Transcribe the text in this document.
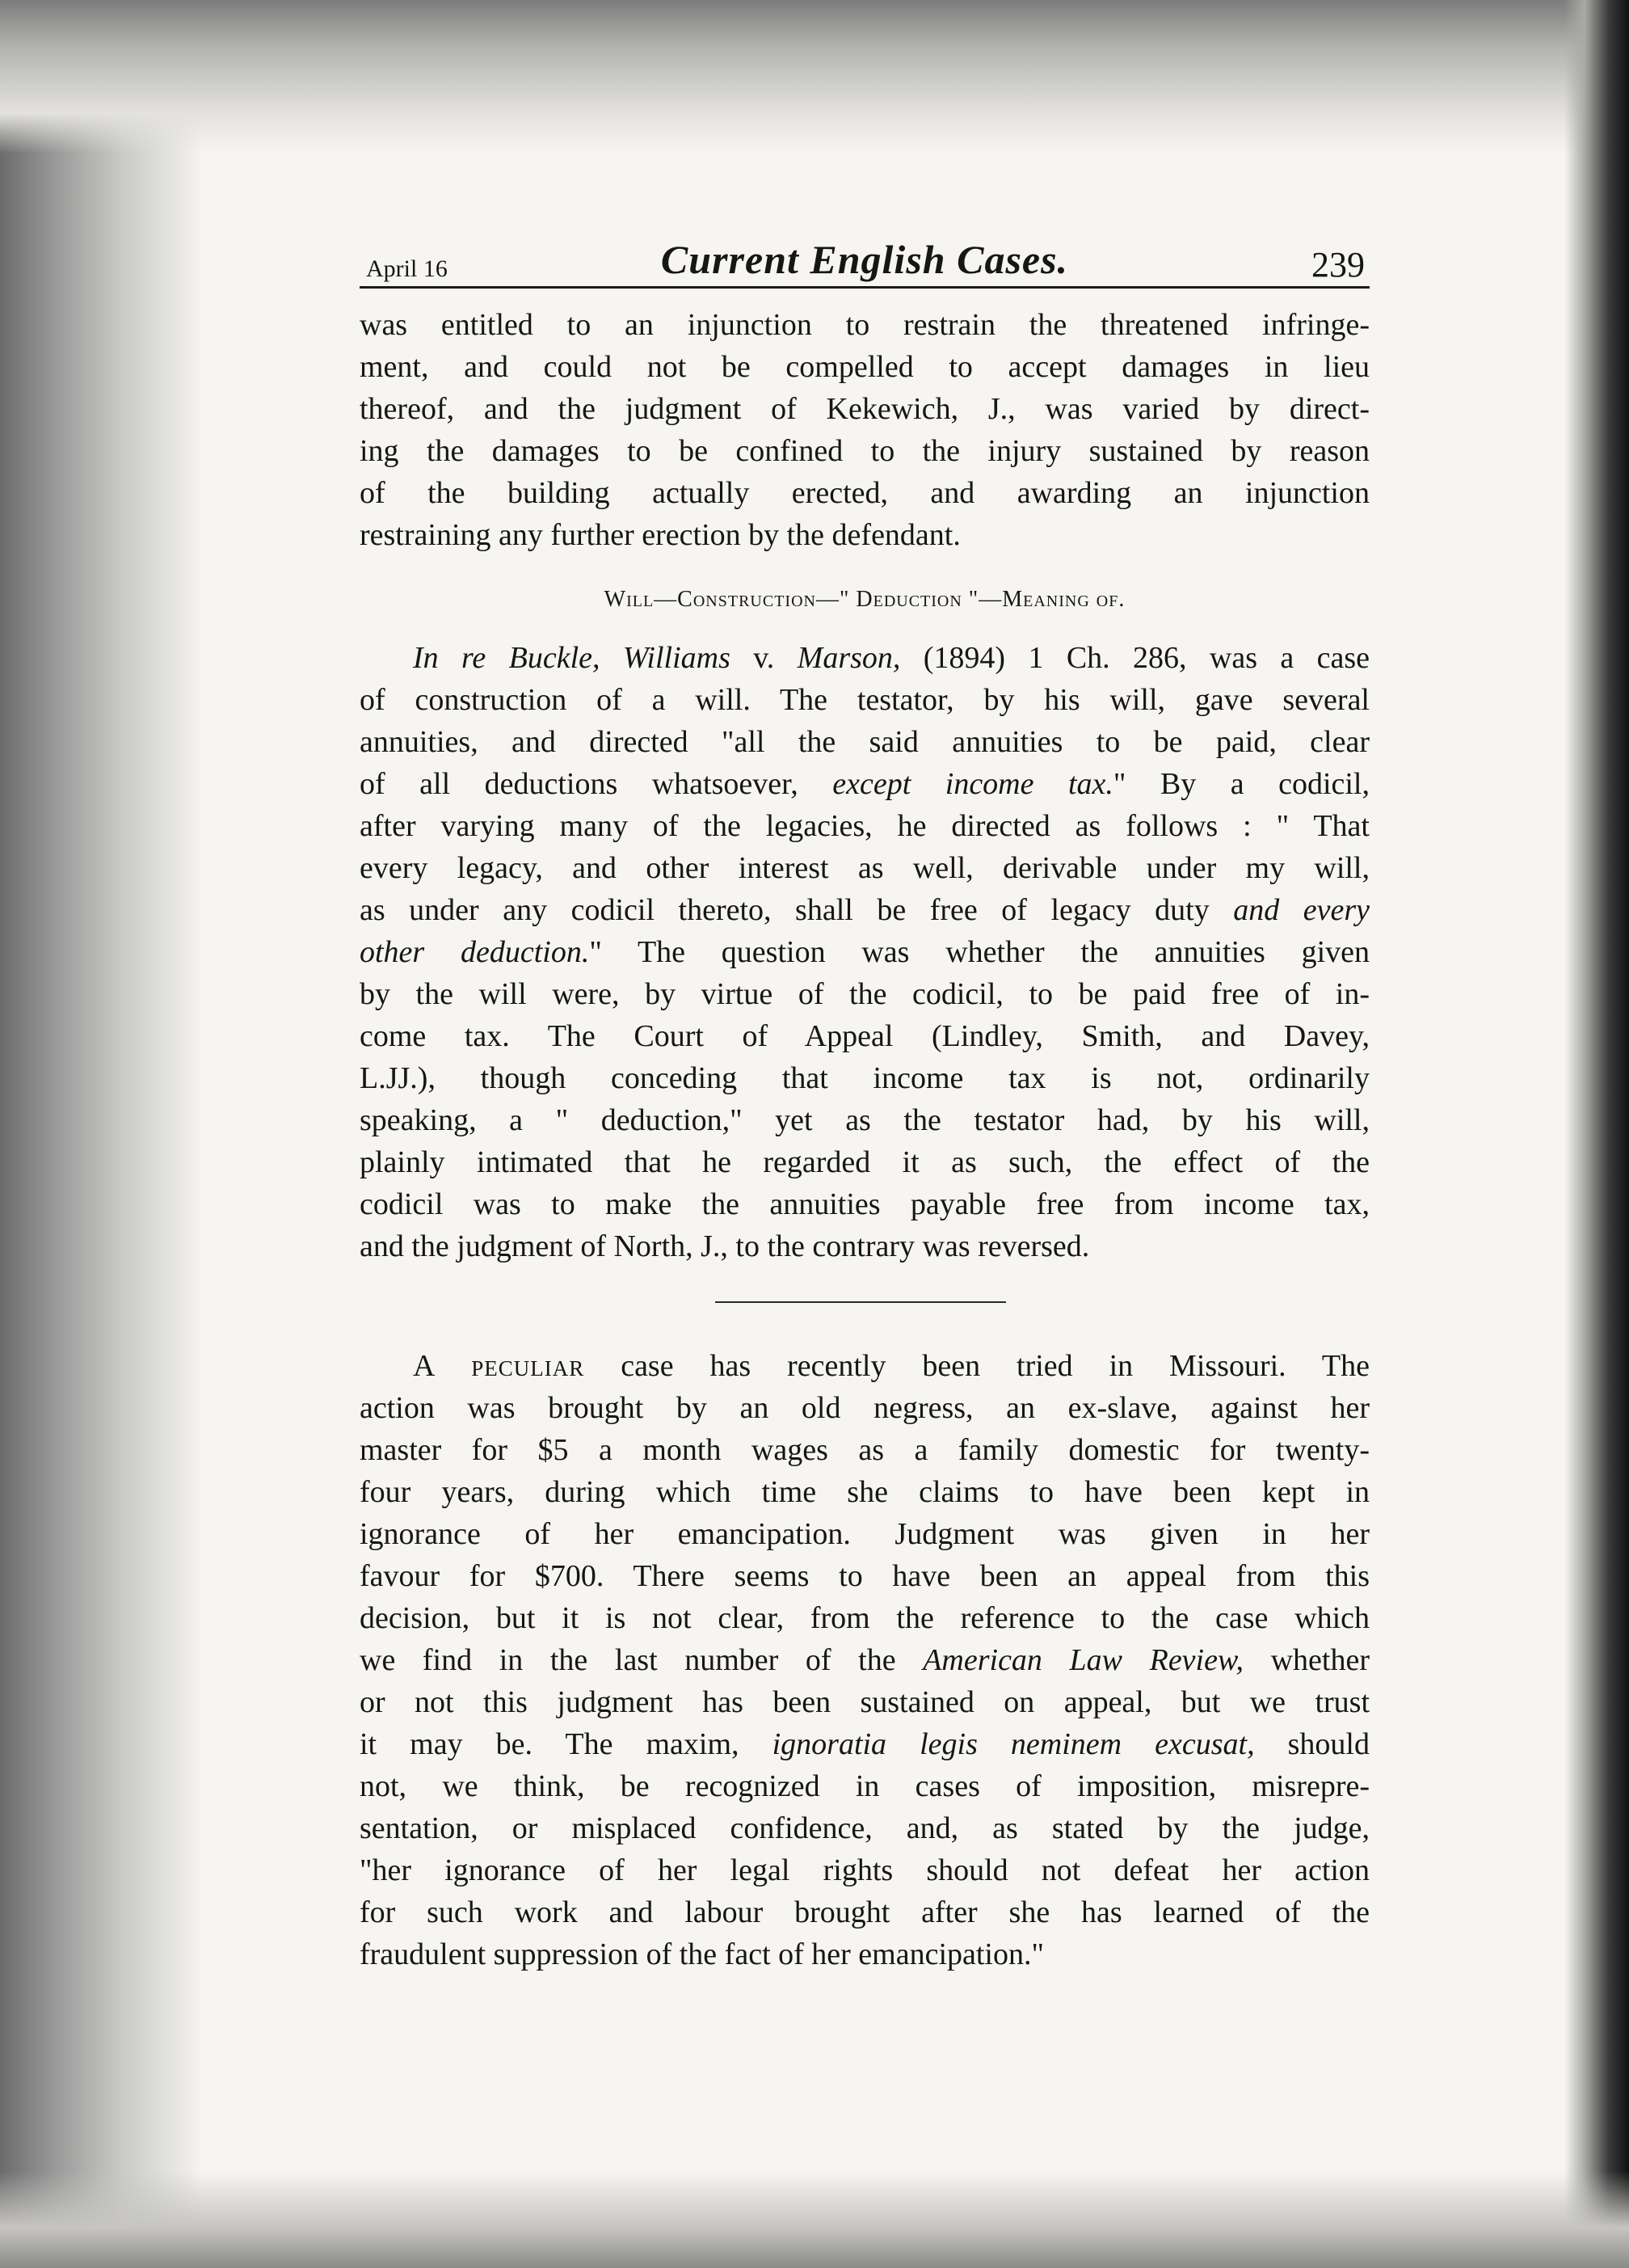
April 16	Current English Cases.	239
was entitled to an injunction to restrain the threatened infringe-
ment, and could not be compelled to accept damages in lieu
thereof, and the judgment of Kekewich, J., was varied by direct-
ing the damages to be confined to the injury sustained by reason
of the building actually erected, and awarding an injunction
restraining any further erection by the defendant.
Will—Construction—" Deduction "—Meaning of.
In re Buckle, Williams v. Marson, (1894) 1 Ch. 286, was a case
of construction of a will. The testator, by his will, gave several
annuities, and directed "all the said annuities to be paid, clear
of all deductions whatsoever, except income tax." By a codicil,
after varying many of the legacies, he directed as follows : " That
every legacy, and other interest as well, derivable under my will,
as under any codicil thereto, shall be free of legacy duty and every
other deduction." The question was whether the annuities given
by the will were, by virtue of the codicil, to be paid free of in-
come tax. The Court of Appeal (Lindley, Smith, and Davey,
L.JJ.), though conceding that income tax is not, ordinarily
speaking, a " deduction," yet as the testator had, by his will,
plainly intimated that he regarded it as such, the effect of the
codicil was to make the annuities payable free from income tax,
and the judgment of North, J., to the contrary was reversed.
A peculiar case has recently been tried in Missouri. The
action was brought by an old negress, an ex-slave, against her
master for $5 a month wages as a family domestic for twenty-
four years, during which time she claims to have been kept in
ignorance of her emancipation. Judgment was given in her
favour for $700. There seems to have been an appeal from this
decision, but it is not clear, from the reference to the case which
we find in the last number of the American Law Review, whether
or not this judgment has been sustained on appeal, but we trust
it may be. The maxim, ignoratia legis neminem excusat, should
not, we think, be recognized in cases of imposition, misrepre-
sentation, or misplaced confidence, and, as stated by the judge,
"her ignorance of her legal rights should not defeat her action
for such work and labour brought after she has learned of the
fraudulent suppression of the fact of her emancipation."
